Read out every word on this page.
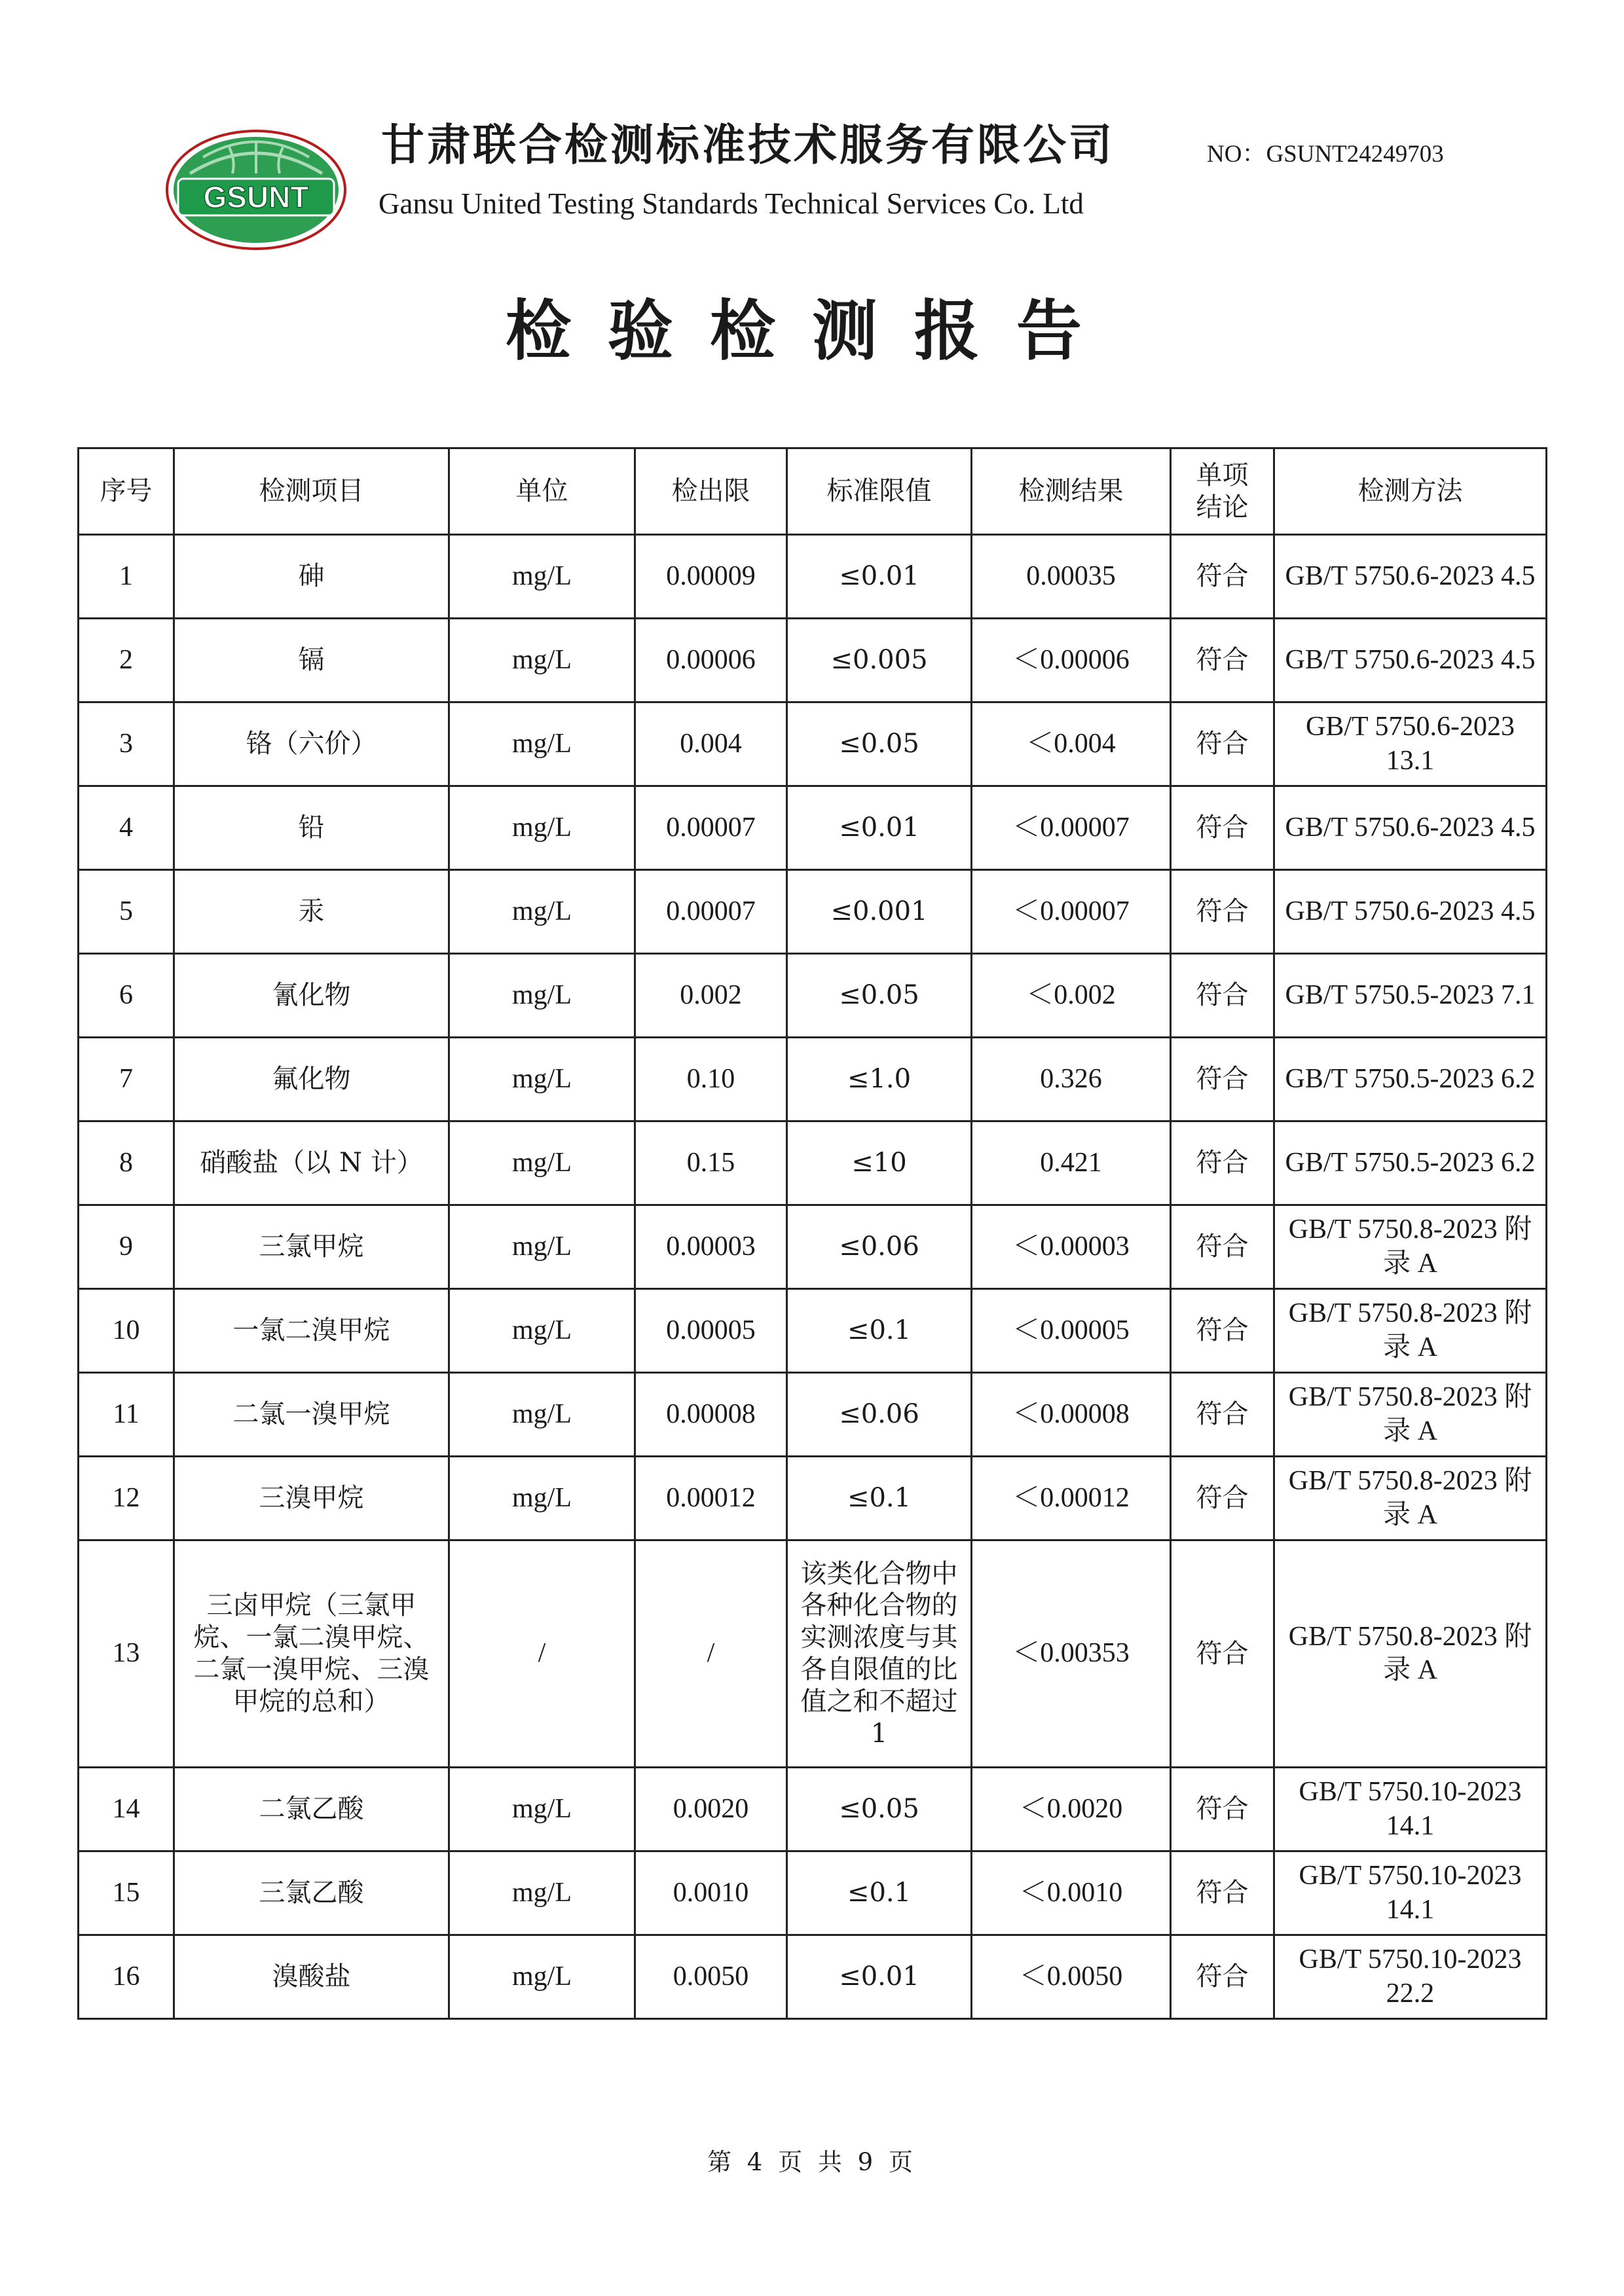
GSUNT
甘肃联合检测标准技术服务有限公司
Gansu United Testing Standards Technical Services Co. Ltd
NO：GSUNT24249703
检验检测报告
序号	检测项目	单位	检出限	标准限值	检测结果	单项结论	检测方法
1	砷	mg/L	0.00009	≤0.01	0.00035	符合	GB/T 5750.6-2023 4.5
2	镉	mg/L	0.00006	≤0.005	＜0.00006	符合	GB/T 5750.6-2023 4.5
3	铬（六价）	mg/L	0.004	≤0.05	＜0.004	符合	GB/T 5750.6-2023 13.1
4	铅	mg/L	0.00007	≤0.01	＜0.00007	符合	GB/T 5750.6-2023 4.5
5	汞	mg/L	0.00007	≤0.001	＜0.00007	符合	GB/T 5750.6-2023 4.5
6	氰化物	mg/L	0.002	≤0.05	＜0.002	符合	GB/T 5750.5-2023 7.1
7	氟化物	mg/L	0.10	≤1.0	0.326	符合	GB/T 5750.5-2023 6.2
8	硝酸盐（以 N 计）	mg/L	0.15	≤10	0.421	符合	GB/T 5750.5-2023 6.2
9	三氯甲烷	mg/L	0.00003	≤0.06	＜0.00003	符合	GB/T 5750.8-2023 附录 A
10	一氯二溴甲烷	mg/L	0.00005	≤0.1	＜0.00005	符合	GB/T 5750.8-2023 附录 A
11	二氯一溴甲烷	mg/L	0.00008	≤0.06	＜0.00008	符合	GB/T 5750.8-2023 附录 A
12	三溴甲烷	mg/L	0.00012	≤0.1	＜0.00012	符合	GB/T 5750.8-2023 附录 A
13	三卤甲烷（三氯甲烷、一氯二溴甲烷、二氯一溴甲烷、三溴甲烷的总和）	/	/	该类化合物中各种化合物的实测浓度与其各自限值的比值之和不超过1	＜0.00353	符合	GB/T 5750.8-2023 附录 A
14	二氯乙酸	mg/L	0.0020	≤0.05	＜0.0020	符合	GB/T 5750.10-2023 14.1
15	三氯乙酸	mg/L	0.0010	≤0.1	＜0.0010	符合	GB/T 5750.10-2023 14.1
16	溴酸盐	mg/L	0.0050	≤0.01	＜0.0050	符合	GB/T 5750.10-2023 22.2
第 4 页 共 9 页
